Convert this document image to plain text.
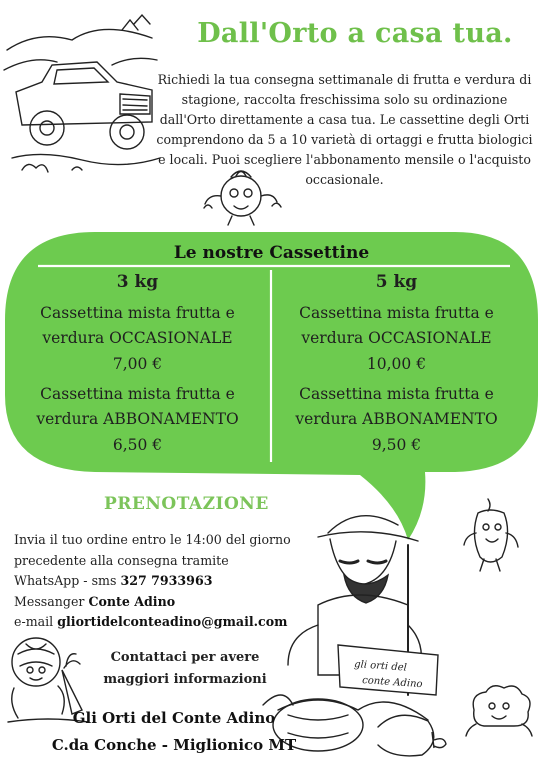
Dall'Orto a casa tua.
Richiedi la tua consegna settimanale di frutta e verdura di stagione, raccolta freschissima solo su ordinazione dall'Orto direttamente a casa tua. Le cassettine degli Orti comprendono da 5 a 10 varietà di ortaggi e frutta biologici e locali. Puoi scegliere l'abbonamento mensile o l'acquisto occasionale.
Le nostre Cassettine
3 kg
Cassettina mista frutta e verdura OCCASIONALE
7,00 €
Cassettina mista frutta e verdura ABBONAMENTO
6,50 €
5 kg
Cassettina mista frutta e verdura OCCASIONALE
10,00 €
Cassettina mista frutta e verdura ABBONAMENTO
9,50 €
PRENOTAZIONE
Invia il tuo ordine entro le 14:00 del giorno precedente alla consegna tramite
WhatsApp - sms 327 7933963
Messanger Conte Adino
e-mail gliortidelconteadino@gmail.com
gli orti del
conte Adino
Contattaci per avere maggiori informazioni
Gli Orti del Conte Adino
C.da Conche - Miglionico MT
